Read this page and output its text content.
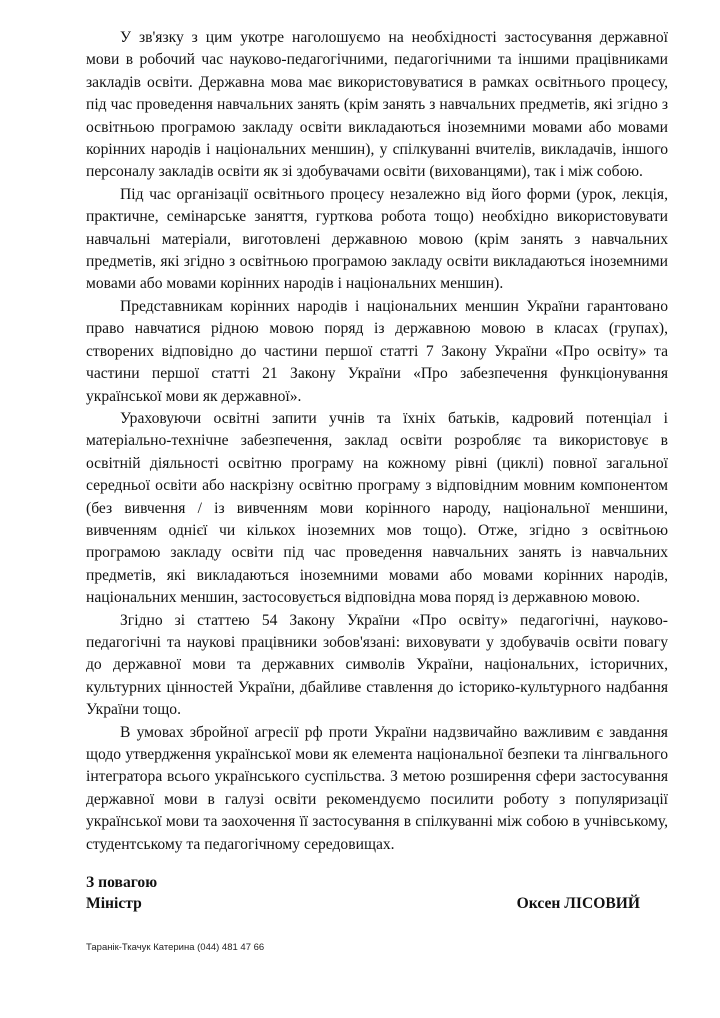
У зв'язку з цим укотре наголошуємо на необхідності застосування державної мови в робочий час науково-педагогічними, педагогічними та іншими працівниками закладів освіти. Державна мова має використовуватися в рамках освітнього процесу, під час проведення навчальних занять (крім занять з навчальних предметів, які згідно з освітньою програмою закладу освіти викладаються іноземними мовами або мовами корінних народів і національних меншин), у спілкуванні вчителів, викладачів, іншого персоналу закладів освіти як зі здобувачами освіти (вихованцями), так і між собою.

Під час організації освітнього процесу незалежно від його форми (урок, лекція, практичне, семінарське заняття, гурткова робота тощо) необхідно використовувати навчальні матеріали, виготовлені державною мовою (крім занять з навчальних предметів, які згідно з освітньою програмою закладу освіти викладаються іноземними мовами або мовами корінних народів і національних меншин).

Представникам корінних народів і національних меншин України гарантовано право навчатися рідною мовою поряд із державною мовою в класах (групах), створених відповідно до частини першої статті 7 Закону України «Про освіту» та частини першої статті 21 Закону України «Про забезпечення функціонування української мови як державної».

Ураховуючи освітні запити учнів та їхніх батьків, кадровий потенціал і матеріально-технічне забезпечення, заклад освіти розробляє та використовує в освітній діяльності освітню програму на кожному рівні (циклі) повної загальної середньої освіти або наскрізну освітню програму з відповідним мовним компонентом (без вивчення / із вивченням мови корінного народу, національної меншини, вивченням однієї чи кількох іноземних мов тощо). Отже, згідно з освітньою програмою закладу освіти під час проведення навчальних занять із навчальних предметів, які викладаються іноземними мовами або мовами корінних народів, національних меншин, застосовується відповідна мова поряд із державною мовою.

Згідно зі статтею 54 Закону України «Про освіту» педагогічні, науково-педагогічні та наукові працівники зобов'язані: виховувати у здобувачів освіти повагу до державної мови та державних символів України, національних, історичних, культурних цінностей України, дбайливе ставлення до історико-культурного надбання України тощо.

В умовах збройної агресії рф проти України надзвичайно важливим є завдання щодо утвердження української мови як елемента національної безпеки та лінгвального інтегратора всього українського суспільства. З метою розширення сфери застосування державної мови в галузі освіти рекомендуємо посилити роботу з популяризації української мови та заохочення її застосування в спілкуванні між собою в учнівському, студентському та педагогічному середовищах.

З повагою
Міністр	Оксен ЛІСОВИЙ
Таранік-Ткачук Катерина (044) 481 47 66
